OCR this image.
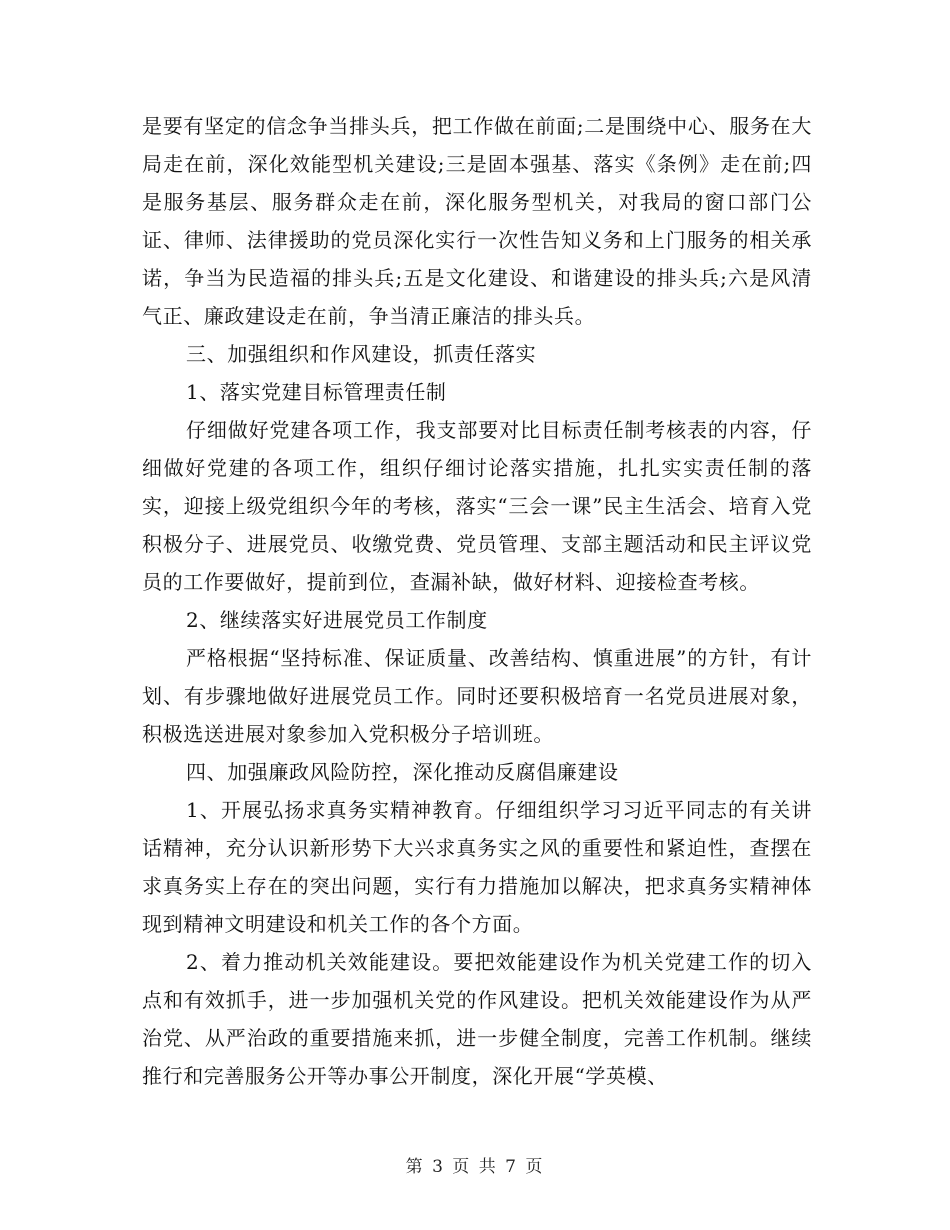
是要有坚定的信念争当排头兵，把工作做在前面;二是围绕中心、服务在大局走在前，深化效能型机关建设;三是固本强基、落实《条例》走在前;四是服务基层、服务群众走在前，深化服务型机关，对我局的窗口部门公证、律师、法律援助的党员深化实行一次性告知义务和上门服务的相关承诺，争当为民造福的排头兵;五是文化建设、和谐建设的排头兵;六是风清气正、廉政建设走在前，争当清正廉洁的排头兵。

三、加强组织和作风建设，抓责任落实

1、落实党建目标管理责任制

仔细做好党建各项工作，我支部要对比目标责任制考核表的内容，仔细做好党建的各项工作，组织仔细讨论落实措施，扎扎实实责任制的落实，迎接上级党组织今年的考核，落实“三会一课”民主生活会、培育入党积极分子、进展党员、收缴党费、党员管理、支部主题活动和民主评议党员的工作要做好，提前到位，查漏补缺，做好材料、迎接检查考核。

2、继续落实好进展党员工作制度

严格根据“坚持标准、保证质量、改善结构、慎重进展”的方针，有计划、有步骤地做好进展党员工作。同时还要积极培育一名党员进展对象，积极选送进展对象参加入党积极分子培训班。

四、加强廉政风险防控，深化推动反腐倡廉建设

1、开展弘扬求真务实精神教育。仔细组织学习习近平同志的有关讲话精神，充分认识新形势下大兴求真务实之风的重要性和紧迫性，查摆在求真务实上存在的突出问题，实行有力措施加以解决，把求真务实精神体现到精神文明建设和机关工作的各个方面。

2、着力推动机关效能建设。要把效能建设作为机关党建工作的切入点和有效抓手，进一步加强机关党的作风建设。把机关效能建设作为从严治党、从严治政的重要措施来抓，进一步健全制度，完善工作机制。继续推行和完善服务公开等办事公开制度，深化开展“学英模、

第 3 页 共 7 页
